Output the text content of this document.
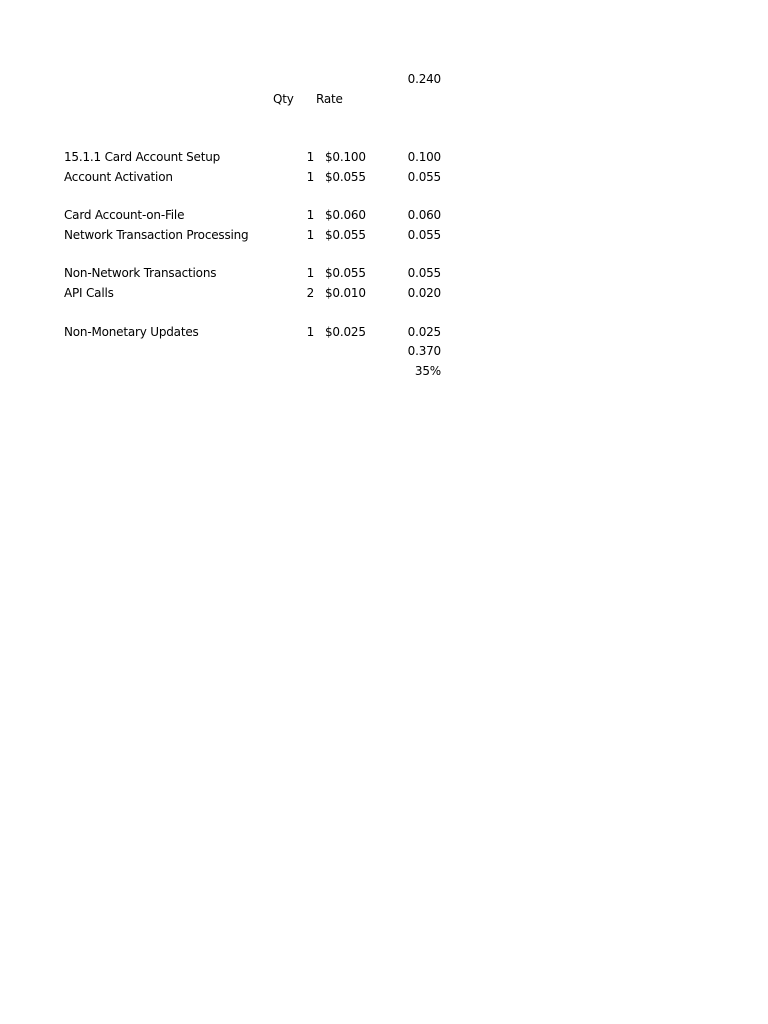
0.240
Qty Rate
15.1.1 Card Account Setup	1 $0.100	0.100
Account Activation	1 $0.055	0.055
Card Account-on-File	1 $0.060	0.060
Network Transaction Processing	1 $0.055	0.055
Non-Network Transactions	1 $0.055	0.055
API Calls	2 $0.010	0.020
Non-Monetary Updates	1 $0.025	0.025
0.370
35%
